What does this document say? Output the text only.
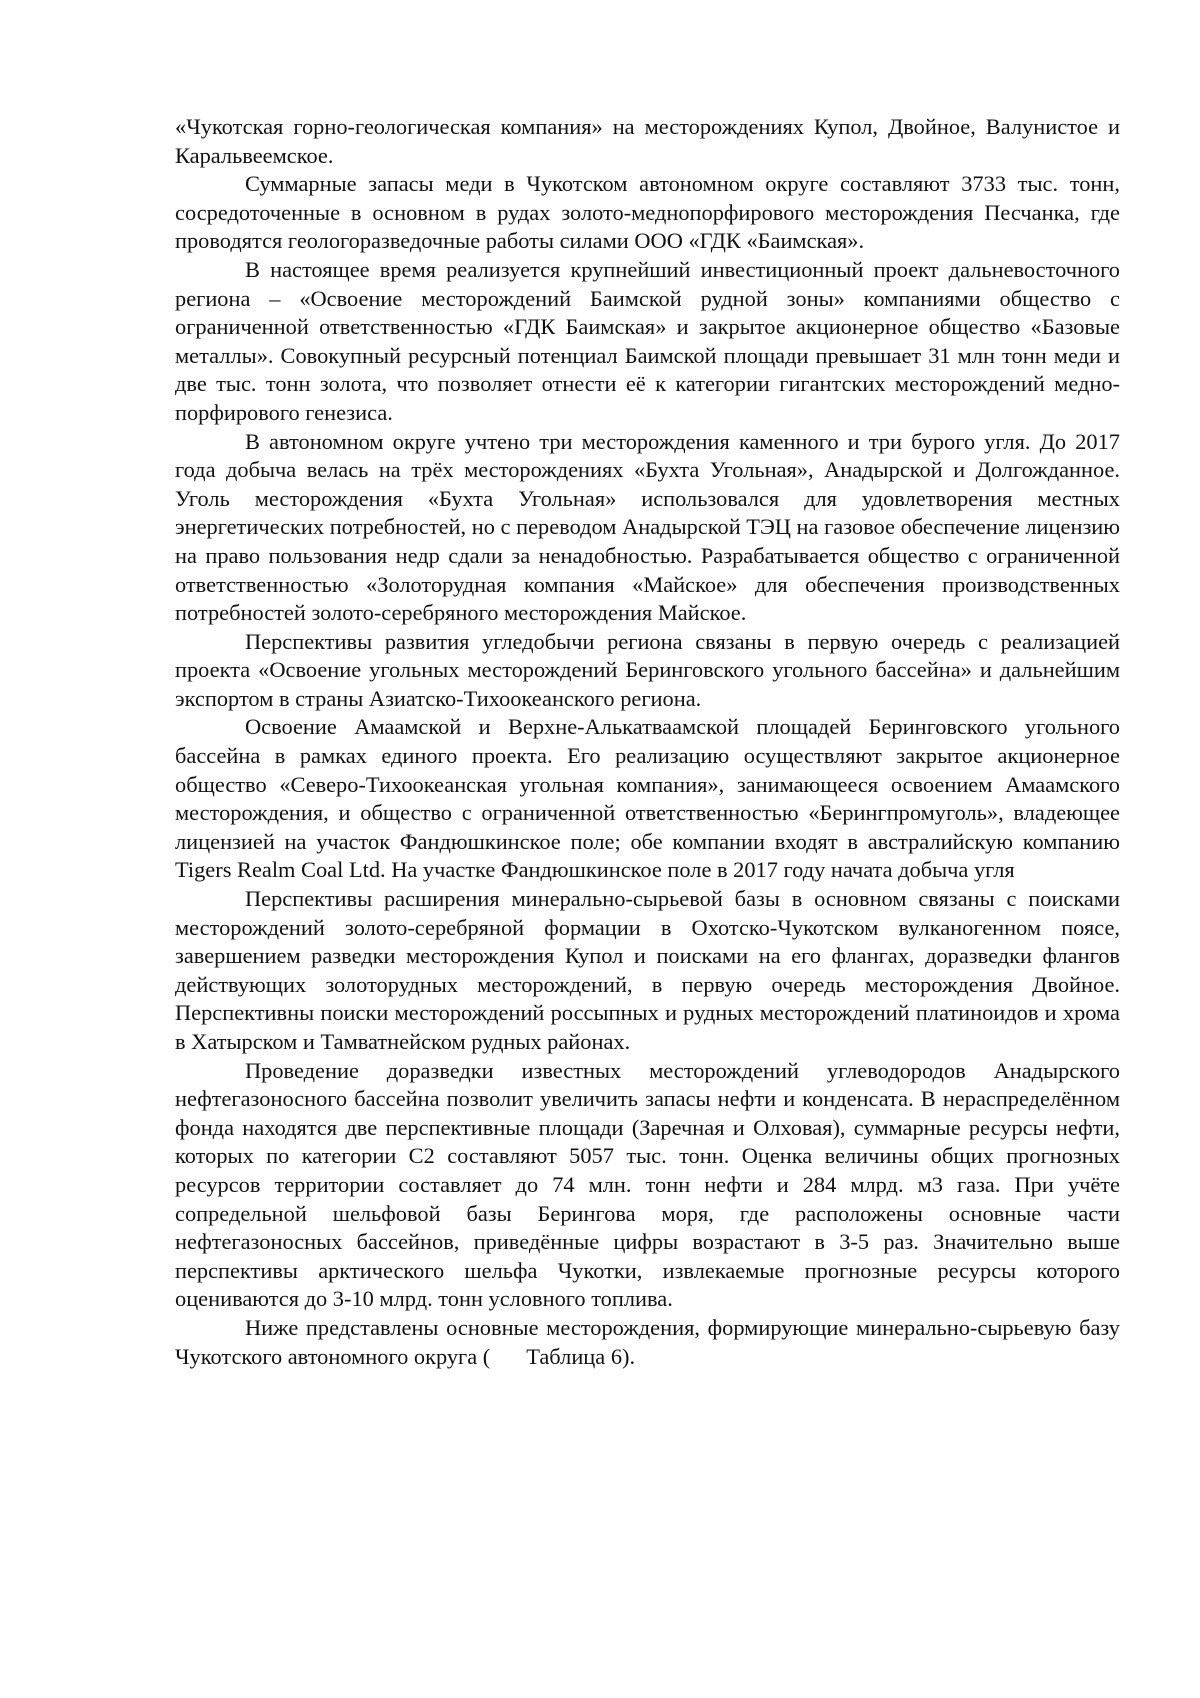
«Чукотская горно-геологическая компания» на месторождениях Купол, Двойное, Валунистое и Каральвеемское.

Суммарные запасы меди в Чукотском автономном округе составляют 3733 тыс. тонн, сосредоточенные в основном в рудах золото-меднопорфирового месторождения Песчанка, где проводятся геологоразведочные работы силами ООО «ГДК «Баимская».

В настоящее время реализуется крупнейший инвестиционный проект дальневосточного региона – «Освоение месторождений Баимской рудной зоны» компаниями общество с ограниченной ответственностью «ГДК Баимская» и закрытое акционерное общество «Базовые металлы». Совокупный ресурсный потенциал Баимской площади превышает 31 млн тонн меди и две тыс. тонн золота, что позволяет отнести её к категории гигантских месторождений медно-порфирового генезиса.

В автономном округе учтено три месторождения каменного и три бурого угля. До 2017 года добыча велась на трёх месторождениях «Бухта Угольная», Анадырской и Долгожданное. Уголь месторождения «Бухта Угольная» использовался для удовлетворения местных энергетических потребностей, но с переводом Анадырской ТЭЦ на газовое обеспечение лицензию на право пользования недр сдали за ненадобностью. Разрабатывается общество с ограниченной ответственностью «Золоторудная компания «Майское» для обеспечения производственных потребностей золото-серебряного месторождения Майское.

Перспективы развития угледобычи региона связаны в первую очередь с реализацией проекта «Освоение угольных месторождений Беринговского угольного бассейна» и дальнейшим экспортом в страны Азиатско-Тихоокеанского региона.

Освоение Амаамской и Верхне-Алькатваамской площадей Беринговского угольного бассейна в рамках единого проекта. Его реализацию осуществляют закрытое акционерное общество «Северо-Тихоокеанская угольная компания», занимающееся освоением Амаамского месторождения, и общество с ограниченной ответственностью «Берингпромуголь», владеющее лицензией на участок Фандюшкинское поле; обе компании входят в австралийскую компанию Tigers Realm Coal Ltd. На участке Фандюшкинское поле в 2017 году начата добыча угля

Перспективы расширения минерально-сырьевой базы в основном связаны с поисками месторождений золото-серебряной формации в Охотско-Чукотском вулканогенном поясе, завершением разведки месторождения Купол и поисками на его флангах, доразведки флангов действующих золоторудных месторождений, в первую очередь месторождения Двойное. Перспективны поиски месторождений россыпных и рудных месторождений платиноидов и хрома в Хатырском и Тамватнейском рудных районах.

Проведение доразведки известных месторождений углеводородов Анадырского нефтегазоносного бассейна позволит увеличить запасы нефти и конденсата. В нераспределённом фонда находятся две перспективные площади (Заречная и Олховая), суммарные ресурсы нефти, которых по категории С2 составляют 5057 тыс. тонн. Оценка величины общих прогнозных ресурсов территории составляет до 74 млн. тонн нефти и 284 млрд. м3 газа. При учёте сопредельной шельфовой базы Берингова моря, где расположены основные части нефтегазоносных бассейнов, приведённые цифры возрастают в 3-5 раз. Значительно выше перспективы арктического шельфа Чукотки, извлекаемые прогнозные ресурсы которого оцениваются до 3-10 млрд. тонн условного топлива.

Ниже представлены основные месторождения, формирующие минерально-сырьевую базу Чукотского автономного округа ( Таблица 6).
